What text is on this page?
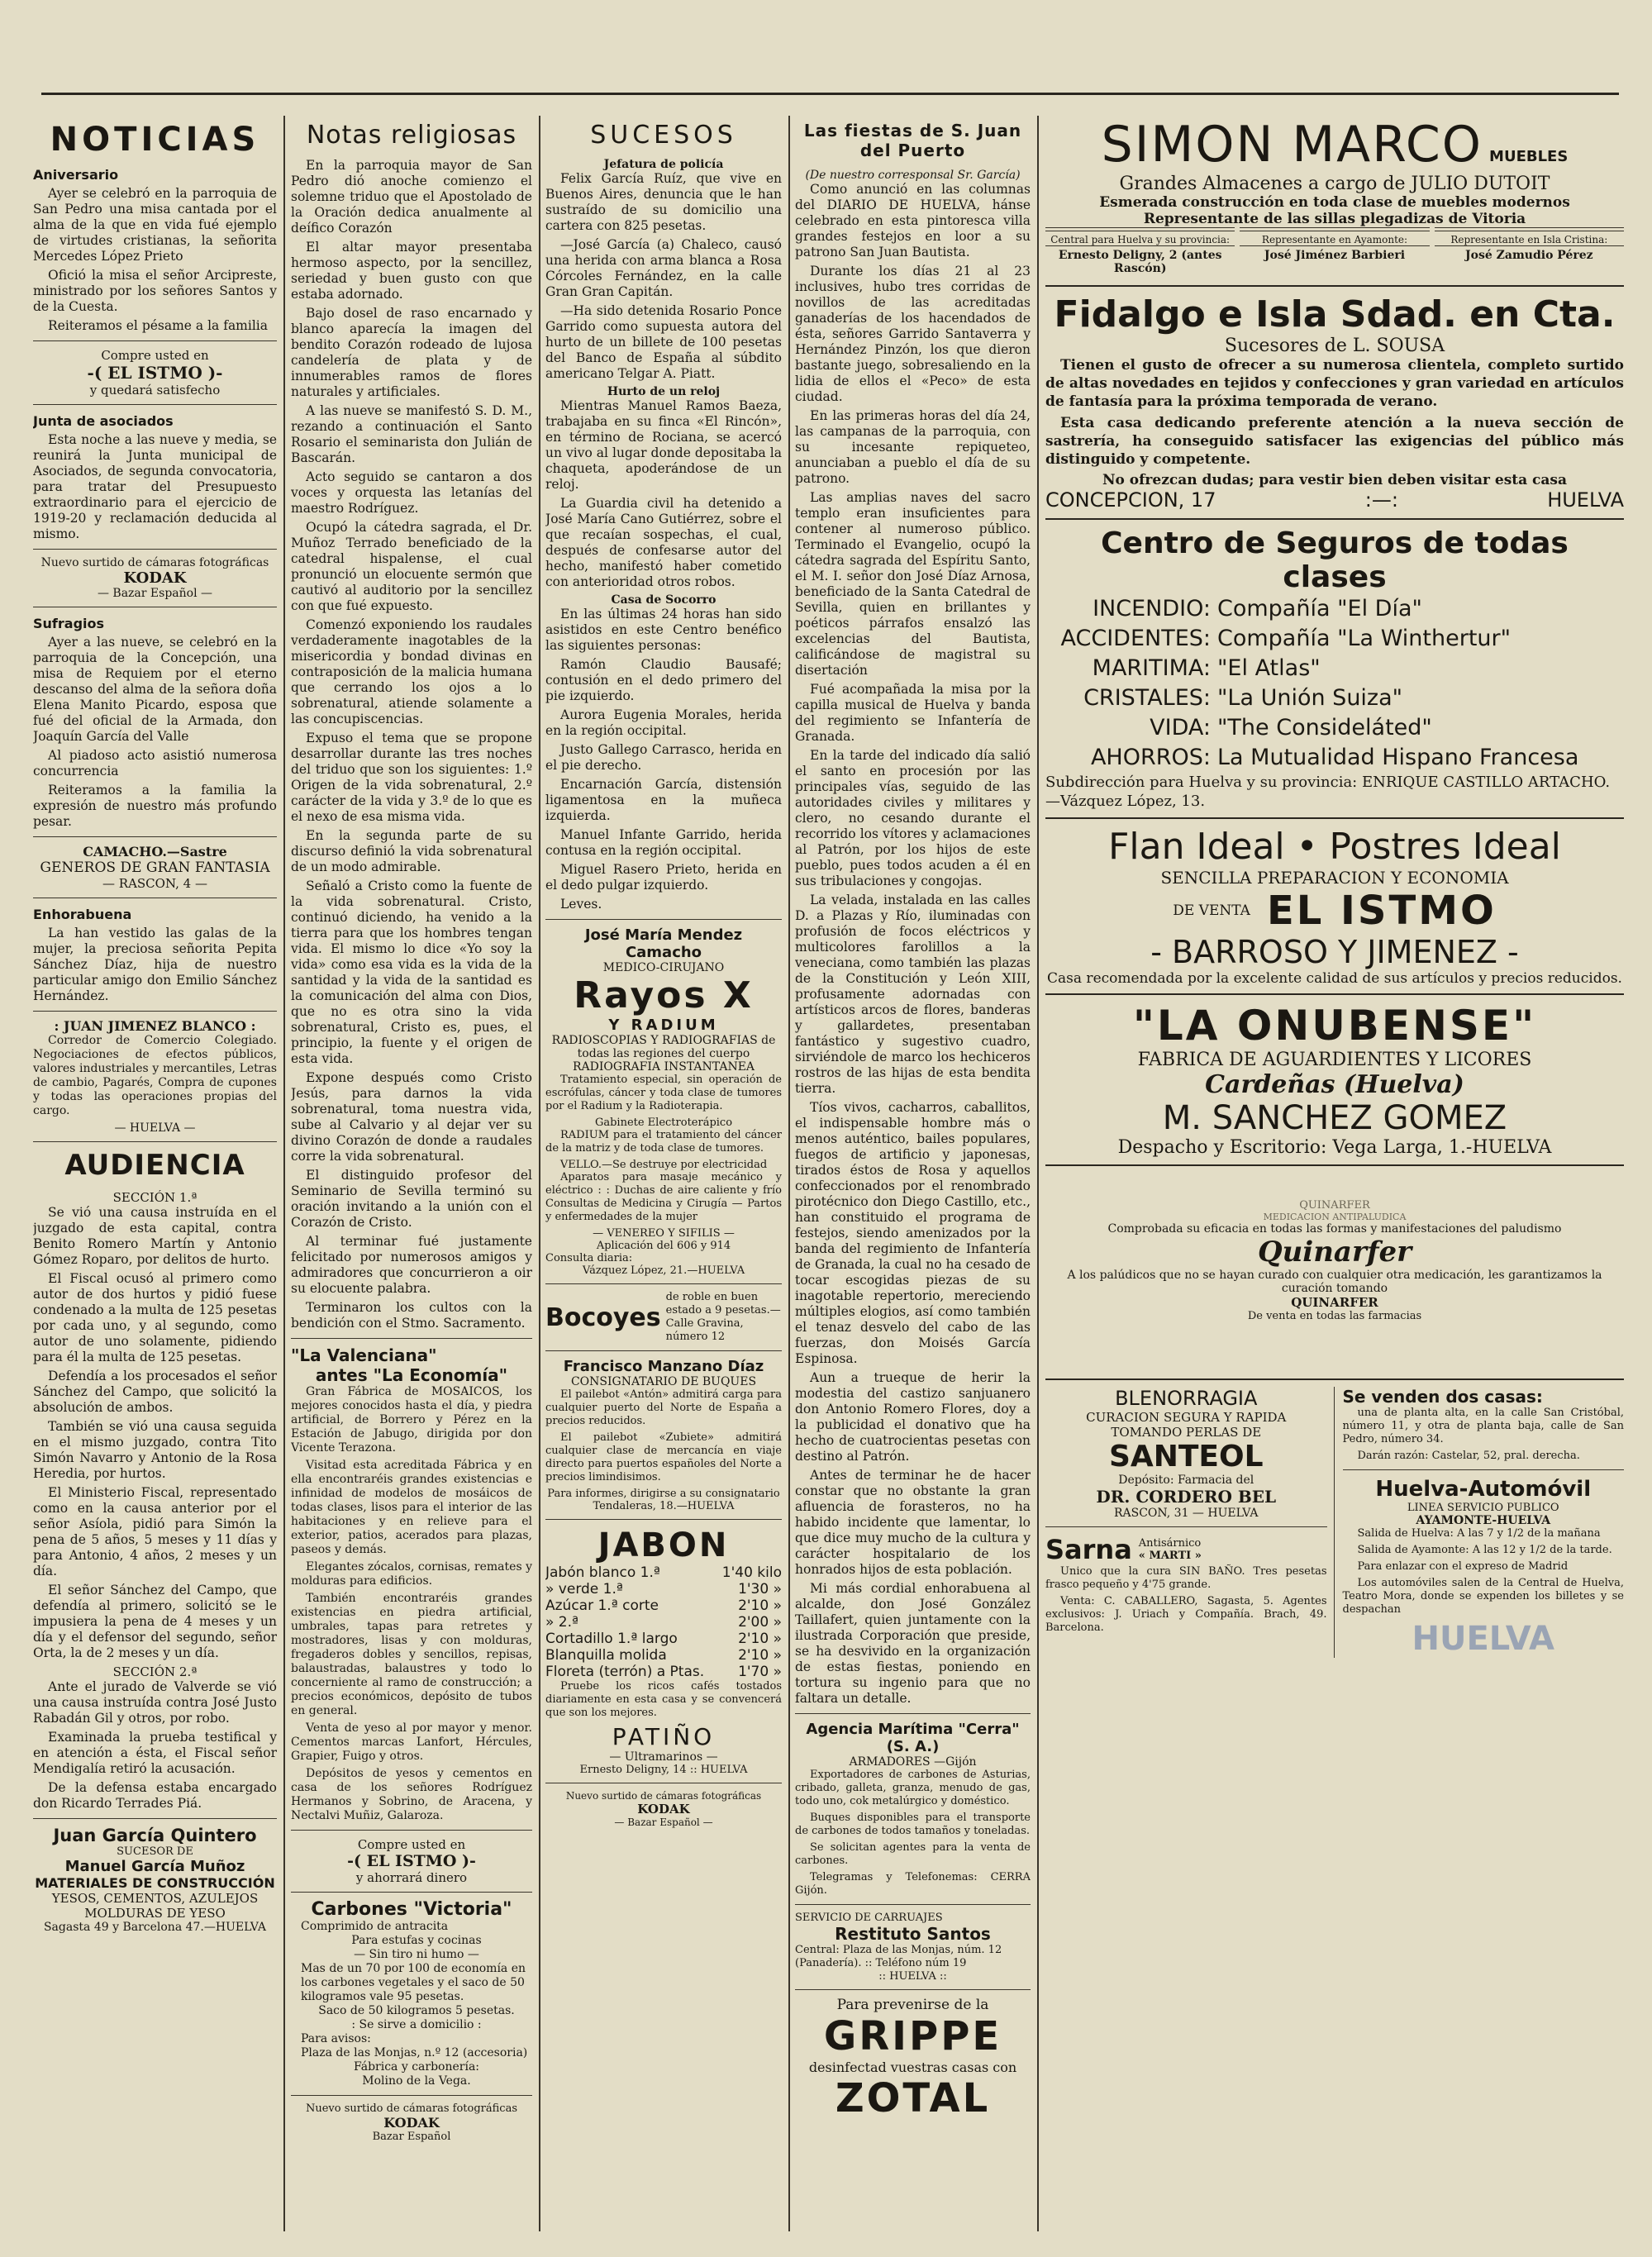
NOTICIAS
Aniversario

Ayer se celebró en la parroquia de San Pedro una misa cantada por el alma de la que en vida fué ejemplo de virtudes cristianas, la señorita Mercedes López Prieto

Ofició la misa el señor Arcipreste, ministrado por los señores Santos y de la Cuesta.

Reiteramos el pésame a la familia

Compre usted en
-( EL ISTMO )-
y quedará satisfecho
Junta de asociados

Esta noche a las nueve y media, se reunirá la Junta municipal de Asociados, de segunda convocatoria, para tratar del Presupuesto extraordinario para el ejercicio de 1919-20 y reclamación deducida al mismo.

Nuevo surtido de cámaras fotográficas
KODAK
— Bazar Español —
Sufragios

Ayer a las nueve, se celebró en la parroquia de la Concepción, una misa de Requiem por el eterno descanso del alma de la señora doña Elena Manito Picardo, esposa que fué del oficial de la Armada, don Joaquín García del Valle

Al piadoso acto asistió numerosa concurrencia

Reiteramos a la familia la expresión de nuestro más profundo pesar.

CAMACHO.—Sastre
GENEROS DE GRAN FANTASIA
— RASCON, 4 —
Enhorabuena

La han vestido las galas de la mujer, la preciosa señorita Pepita Sánchez Díaz, hija de nuestro particular amigo don Emilio Sánchez Hernández.

: JUAN JIMENEZ BLANCO :

Corredor de Comercio Colegiado. Negociaciones de efectos públicos, valores industriales y mercantiles, Letras de cambio, Pagarés, Compra de cupones y todas las operaciones propias del cargo.

— HUELVA —
AUDIENCIA
SECCIÓN 1.ª

Se vió una causa instruída en el juzgado de esta capital, contra Benito Romero Martín y Antonio Gómez Roparo, por delitos de hurto.

El Fiscal ocusó al primero como autor de dos hurtos y pidió fuese condenado a la multa de 125 pesetas por cada uno, y al segundo, como autor de uno solamente, pidiendo para él la multa de 125 pesetas.

Defendía a los procesados el señor Sánchez del Campo, que solicitó la absolución de ambos.

También se vió una causa seguida en el mismo juzgado, contra Tito Simón Navarro y Antonio de la Rosa Heredia, por hurtos.

El Ministerio Fiscal, representado como en la causa anterior por el señor Asíola, pidió para Simón la pena de 5 años, 5 meses y 11 días y para Antonio, 4 años, 2 meses y un día.

El señor Sánchez del Campo, que defendía al primero, solicitó se le impusiera la pena de 4 meses y un día y el defensor del segundo, señor Orta, la de 2 meses y un día.

SECCIÓN 2.ª

Ante el jurado de Valverde se vió una causa instruída contra José Justo Rabadán Gil y otros, por robo.

Examinada la prueba testifical y en atención a ésta, el Fiscal señor Mendigalía retiró la acusación.

De la defensa estaba encargado don Ricardo Terrades Piá.

Juan García Quintero
SUCESOR DE
Manuel García Muñoz
MATERIALES DE CONSTRUCCIÓN
YESOS, CEMENTOS, AZULEJOS
MOLDURAS DE YESO
Sagasta 49 y Barcelona 47.—HUELVA
Notas religiosas

En la parroquia mayor de San Pedro dió anoche comienzo el solemne triduo que el Apostolado de la Oración dedica anualmente al deífico Corazón

El altar mayor presentaba hermoso aspecto, por la sencillez, seriedad y buen gusto con que estaba adornado.

Bajo dosel de raso encarnado y blanco aparecía la imagen del bendito Corazón rodeado de lujosa candelería de plata y de innumerables ramos de flores naturales y artificiales.

A las nueve se manifestó S. D. M., rezando a continuación el Santo Rosario el seminarista don Julián de Bascarán.

Acto seguido se cantaron a dos voces y orquesta las letanías del maestro Rodríguez.

Ocupó la cátedra sagrada, el Dr. Muñoz Terrado beneficiado de la catedral hispalense, el cual pronunció un elocuente sermón que cautivó al auditorio por la sencillez con que fué expuesto.

Comenzó exponiendo los raudales verdaderamente inagotables de la misericordia y bondad divinas en contraposición de la malicia humana que cerrando los ojos a lo sobrenatural, atiende solamente a las concupiscencias.

Expuso el tema que se propone desarrollar durante las tres noches del triduo que son los siguientes: 1.º Origen de la vida sobrenatural, 2.º carácter de la vida y 3.º de lo que es el nexo de esa misma vida.

En la segunda parte de su discurso definió la vida sobrenatural de un modo admirable.

Señaló a Cristo como la fuente de la vida sobrenatural. Cristo, continuó diciendo, ha venido a la tierra para que los hombres tengan vida. El mismo lo dice «Yo soy la vida» como esa vida es la vida de la santidad y la vida de la santidad es la comunicación del alma con Dios, que no es otra sino la vida sobrenatural, Cristo es, pues, el principio, la fuente y el origen de esta vida.

Expone después como Cristo Jesús, para darnos la vida sobrenatural, toma nuestra vida, sube al Calvario y al dejar ver su divino Corazón de donde a raudales corre la vida sobrenatural.

El distinguido profesor del Seminario de Sevilla terminó su oración invitando a la unión con el Corazón de Cristo.

Al terminar fué justamente felicitado por numerosos amigos y admiradores que concurrieron a oir su elocuente palabra.

Terminaron los cultos con la bendición con el Stmo. Sacramento.

"La Valenciana"
antes "La Economía"

Gran Fábrica de MOSAICOS, los mejores conocidos hasta el día, y piedra artificial, de Borrero y Pérez en la Estación de Jabugo, dirigida por don Vicente Terazona.

Visitad esta acreditada Fábrica y en ella encontraréis grandes existencias e infinidad de modelos de mosáicos de todas clases, lisos para el interior de las habitaciones y en relieve para el exterior, patios, acerados para plazas, paseos y demás.

Elegantes zócalos, cornisas, remates y molduras para edificios.

También encontraréis grandes existencias en piedra artificial, umbrales, tapas para retretes y mostradores, lisas y con molduras, fregaderos dobles y sencillos, repisas, balaustradas, balaustres y todo lo concerniente al ramo de construcción; a precios económicos, depósito de tubos en general.

Venta de yeso al por mayor y menor. Cementos marcas Lanfort, Hércules, Grapier, Fuigo y otros.

Depósitos de yesos y cementos en casa de los señores Rodríguez Hermanos y Sobrino, de Aracena, y Nectalvi Muñiz, Galaroza.

Compre usted en
-( EL ISTMO )-
y ahorrará dinero
Carbones "Victoria"
Comprimido de antracita
Para estufas y cocinas
— Sin tiro ni humo —
Mas de un 70 por 100 de economía en los carbones vegetales y el saco de 50 kilogramos vale 95 pesetas.
Saco de 50 kilogramos 5 pesetas.
: Se sirve a domicilio :
Para avisos:
Plaza de las Monjas, n.º 12 (accesoria)
Fábrica y carbonería:
Molino de la Vega.
Nuevo surtido de cámaras fotográficas
KODAK
Bazar Español
SUCESOS
Jefatura de policía

Felix García Ruíz, que vive en Buenos Aires, denuncia que le han sustraído de su domicilio una cartera con 825 pesetas.

—José García (a) Chaleco, causó una herida con arma blanca a Rosa Córcoles Fernández, en la calle Gran Gran Capitán.

—Ha sido detenida Rosario Ponce Garrido como supuesta autora del hurto de un billete de 100 pesetas del Banco de España al súbdito americano Telgar A. Piatt.

Hurto de un reloj

Mientras Manuel Ramos Baeza, trabajaba en su finca «El Rincón», en término de Rociana, se acercó un vivo al lugar donde depositaba la chaqueta, apoderándose de un reloj.

La Guardia civil ha detenido a José María Cano Gutiérrez, sobre el que recaían sospechas, el cual, después de confesarse autor del hecho, manifestó haber cometido con anterioridad otros robos.

Casa de Socorro

En las últimas 24 horas han sido asistidos en este Centro benéfico las siguientes personas:

Ramón Claudio Bausafé; contusión en el dedo primero del pie izquierdo.

Aurora Eugenia Morales, herida en la región occipital.

Justo Gallego Carrasco, herida en el pie derecho.

Encarnación García, distensión ligamentosa en la muñeca izquierda.

Manuel Infante Garrido, herida contusa en la región occipital.

Miguel Rasero Prieto, herida en el dedo pulgar izquierdo.

Leves.

José María Mendez Camacho
MEDICO-CIRUJANO
Rayos X
Y RADIUM
RADIOSCOPIAS Y RADIOGRAFIAS de todas las regiones del cuerpo RADIOGRAFIA INSTANTANEA

Tratamiento especial, sin operación de escrófulas, cáncer y toda clase de tumores por el Radium y la Radioterapia.

Gabinete Electroterápico

RADIUM para el tratamiento del cáncer de la matriz y de toda clase de tumores.

VELLO.—Se destruye por electricidad

Aparatos para masaje mecánico y eléctrico : : Duchas de aire caliente y frío Consultas de Medicina y Cirugía — Partos y enfermedades de la mujer

— VENEREO Y SIFILIS —
Aplicación del 606 y 914
Consulta diaria:
Vázquez López, 21.—HUELVA
Bocoyes
de roble en buen estado a 9 pesetas.—Calle Gravina, número 12
Francisco Manzano Díaz
CONSIGNATARIO DE BUQUES

El pailebot «Antón» admitirá carga para cualquier puerto del Norte de España a precios reducidos.

El pailebot «Zubiete» admitirá cualquier clase de mercancía en viaje directo para puertos españoles del Norte a precios limindisimos.

Para informes, dirigirse a su consignatario
Tendaleras, 18.—HUELVA
JABON
Jabón blanco 1.ª	1'40 kilo
» verde 1.ª	1'30 »
Azúcar 1.ª corte	2'10 »
» 2.ª	2'00 »
Cortadillo 1.ª largo	2'10 »
Blanquilla molida	2'10 »
Floreta (terrón) a Ptas. 1'70 »

Pruebe los ricos cafés tostados diariamente en esta casa y se convencerá que son los mejores.

PATIÑO
— Ultramarinos —
Ernesto Deligny, 14 :: HUELVA
Nuevo surtido de cámaras fotográficas
KODAK
— Bazar Español —
Las fiestas de S. Juan del Puerto
(De nuestro corresponsal Sr. García)

Como anunció en las columnas del DIARIO DE HUELVA, hánse celebrado en esta pintoresca villa grandes festejos en loor a su patrono San Juan Bautista.

Durante los días 21 al 23 inclusives, hubo tres corridas de novillos de las acreditadas ganaderías de los hacendados de ésta, señores Garrido Santaverra y Hernández Pinzón, los que dieron bastante juego, sobresaliendo en la lidia de ellos el «Peco» de esta ciudad.

En las primeras horas del día 24, las campanas de la parroquia, con su incesante repiqueteo, anunciaban a pueblo el día de su patrono.

Las amplias naves del sacro templo eran insuficientes para contener al numeroso público. Terminado el Evangelio, ocupó la cátedra sagrada del Espíritu Santo, el M. I. señor don José Díaz Arnosa, beneficiado de la Santa Catedral de Sevilla, quien en brillantes y poéticos párrafos ensalzó las excelencias del Bautista, calificándose de magistral su disertación

Fué acompañada la misa por la capilla musical de Huelva y banda del regimiento se Infantería de Granada.

En la tarde del indicado día salió el santo en procesión por las principales vías, seguido de las autoridades civiles y militares y clero, no cesando durante el recorrido los vítores y aclamaciones al Patrón, por los hijos de este pueblo, pues todos acuden a él en sus tribulaciones y congojas.

La velada, instalada en las calles D. a Plazas y Río, iluminadas con profusión de focos eléctricos y multicolores farolillos a la veneciana, como también las plazas de la Constitución y León XIII, profusamente adornadas con artísticos arcos de flores, banderas y gallardetes, presentaban fantástico y sugestivo cuadro, sirviéndole de marco los hechiceros rostros de las hijas de esta bendita tierra.

Tíos vivos, cacharros, caballitos, el indispensable hombre más o menos auténtico, bailes populares, fuegos de artificio y japonesas, tirados éstos de Rosa y aquellos confeccionados por el renombrado pirotécnico don Diego Castillo, etc., han constituido el programa de festejos, siendo amenizados por la banda del regimiento de Infantería de Granada, la cual no ha cesado de tocar escogidas piezas de su inagotable repertorio, mereciendo múltiples elogios, así como también el tenaz desvelo del cabo de las fuerzas, don Moisés García Espinosa.

Aun a trueque de herir la modestia del castizo sanjuanero don Antonio Romero Flores, doy a la publicidad el donativo que ha hecho de cuatrocientas pesetas con destino al Patrón.

Antes de terminar he de hacer constar que no obstante la gran afluencia de forasteros, no ha habido incidente que lamentar, lo que dice muy mucho de la cultura y carácter hospitalario de los honrados hijos de esta población.

Mi más cordial enhorabuena al alcalde, don José González Taillafert, quien juntamente con la ilustrada Corporación que preside, se ha desvivido en la organización de estas fiestas, poniendo en tortura su ingenio para que no faltara un detalle.

Agencia Marítima "Cerra" (S. A.)
ARMADORES —Gijón

Exportadores de carbones de Asturias, cribado, galleta, granza, menudo de gas, todo uno, cok metalúrgico y doméstico.

Buques disponibles para el transporte de carbones de todos tamaños y toneladas.

Se solicitan agentes para la venta de carbones.

Telegramas y Telefonemas: CERRA Gijón.

SERVICIO DE CARRUAJES
Restituto Santos
Central: Plaza de las Monjas, núm. 12 (Panadería). :: Teléfono núm 19
:: HUELVA ::
Para prevenirse de la
GRIPPE
desinfectad vuestras casas con
ZOTAL
SIMON MARCO MUEBLES
Grandes Almacenes a cargo de JULIO DUTOIT
Esmerada construcción en toda clase de muebles modernos
Representante de las sillas plegadizas de Vitoria
Central para Huelva y su provincia:
Ernesto Deligny, 2 (antes Rascón)
Representante en Ayamonte:
José Jiménez Barbieri
Representante en Isla Cristina:
José Zamudio Pérez
Fidalgo e Isla Sdad. en Cta.
Sucesores de L. SOUSA

Tienen el gusto de ofrecer a su numerosa clientela, completo surtido de altas novedades en tejidos y confecciones y gran variedad en artículos de fantasía para la próxima temporada de verano.

Esta casa dedicando preferente atención a la nueva sección de sastrería, ha conseguido satisfacer las exigencias del público más distinguido y competente.

No ofrezcan dudas; para vestir bien deben visitar esta casa
CONCEPCION, 17	:—:	HUELVA
Centro de Seguros de todas clases
INCENDIO: Compañía "El Día"
ACCIDENTES: Compañía "La Winthertur"
MARITIMA: "El Atlas"
CRISTALES: "La Unión Suiza"
VIDA: "The Consideláted"
AHORROS: La Mutualidad Hispano Francesa
Subdirección para Huelva y su provincia: ENRIQUE CASTILLO ARTACHO.—Vázquez López, 13.
Flan Ideal • Postres Ideal
SENCILLA PREPARACION Y ECONOMIA
DE VENTA EL ISTMO
- BARROSO Y JIMENEZ -
Casa recomendada por la excelente calidad de sus artículos y precios reducidos.
"LA ONUBENSE"
FABRICA DE AGUARDIENTES Y LICORES
Cardeñas (Huelva)
M. SANCHEZ GOMEZ
Despacho y Escritorio: Vega Larga, 1.-HUELVA
QUINARFER
MEDICACION ANTIPALUDICA
Comprobada su eficacia en todas las formas y manifestaciones del paludismo
Quinarfer
A los palúdicos que no se hayan curado con cualquier otra medicación, les garantizamos la curación tomando
QUINARFER
De venta en todas las farmacias
BLENORRAGIA
CURACION SEGURA Y RAPIDA
TOMANDO PERLAS DE
SANTEOL
Depósito: Farmacia del
DR. CORDERO BEL
RASCON, 31 — HUELVA
Sarna Antisárnico
« MARTI »

Unico que la cura SIN BAÑO. Tres pesetas frasco pequeño y 4'75 grande.

Venta: C. CABALLERO, Sagasta, 5. Agentes exclusivos: J. Uriach y Compañía. Brach, 49. Barcelona.

Se venden dos casas:

una de planta alta, en la calle San Cristóbal, número 11, y otra de planta baja, calle de San Pedro, número 34.

Darán razón: Castelar, 52, pral. derecha.

Huelva-Automóvil
LINEA SERVICIO PUBLICO
AYAMONTE-HUELVA

Salida de Huelva: A las 7 y 1/2 de la mañana

Salida de Ayamonte: A las 12 y 1/2 de la tarde.

Para enlazar con el expreso de Madrid

Los automóviles salen de la Central de Huelva, Teatro Mora, donde se expenden los billetes y se despachan

HUELVA
